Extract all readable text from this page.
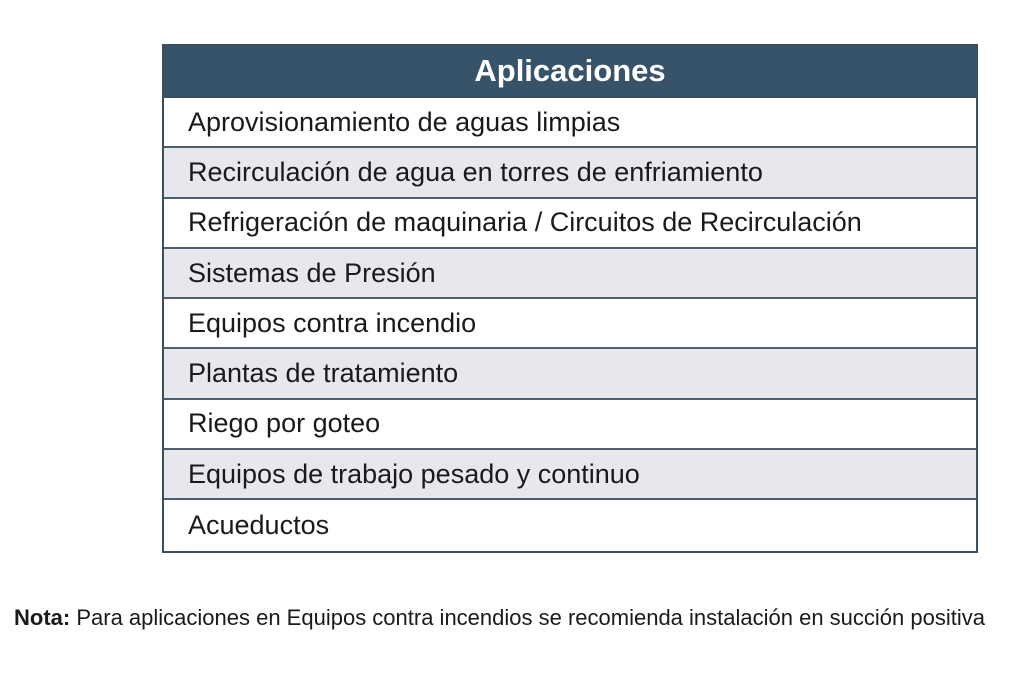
Aplicaciones
Aprovisionamiento de aguas limpias
Recirculación de agua en torres de enfriamiento
Refrigeración de maquinaria / Circuitos de Recirculación
Sistemas de Presión
Equipos contra incendio
Plantas de tratamiento
Riego por goteo
Equipos de trabajo pesado y continuo
Acueductos
Nota: Para aplicaciones en Equipos contra incendios se recomienda instalación en succión positiva
